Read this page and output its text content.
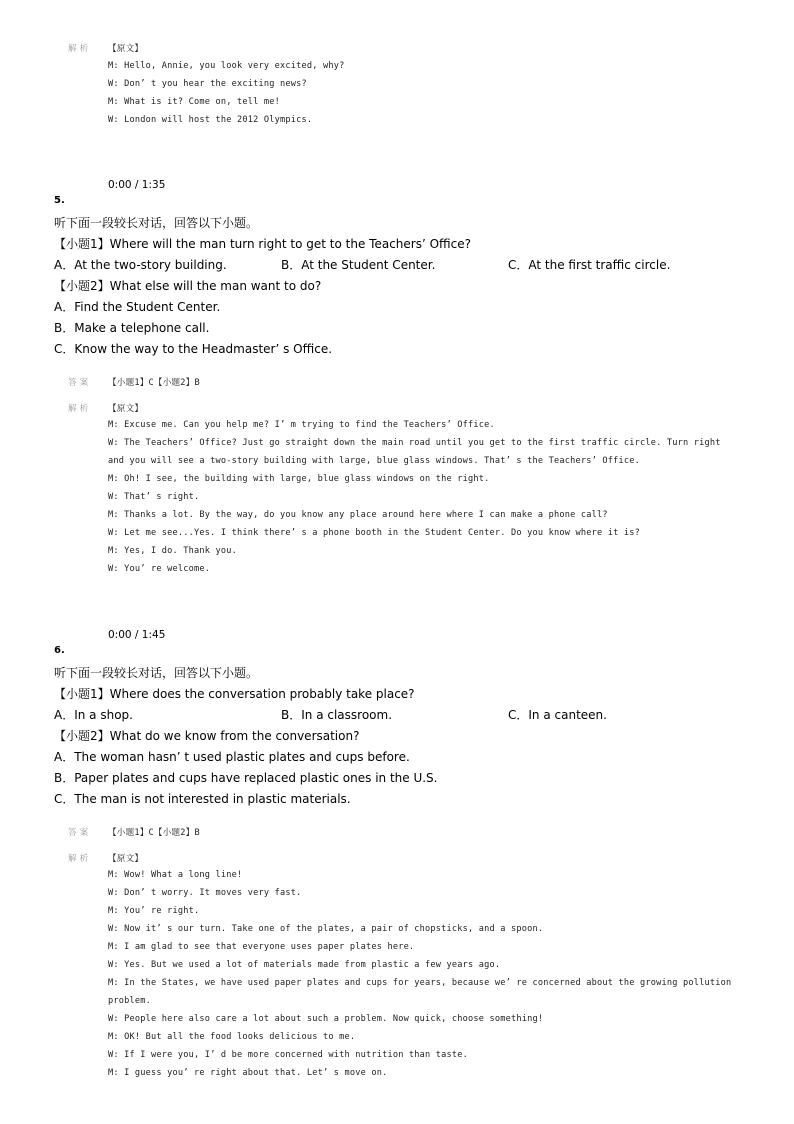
解析 【原文】
M: Hello, Annie, you look very excited, why?
W: Don’ t you hear the exciting news?
M: What is it? Come on, tell me!
W: London will host the 2012 Olympics.
0:00 / 1:35
5.
听下面一段较长对话，回答以下小题。
【小题1】Where will the man turn right to get to the Teachers’ Office?
A．At the two-story building.	B．At the Student Center.	C．At the first traffic circle.
【小题2】What else will the man want to do?
A．Find the Student Center.
B．Make a telephone call.
C．Know the way to the Headmaster’ s Office.
答案 【小题1】C【小题2】B
解析 【原文】
M: Excuse me. Can you help me? I’ m trying to find the Teachers’ Office.
W: The Teachers’ Office? Just go straight down the main road until you get to the first traffic circle. Turn right
and you will see a two-story building with large, blue glass windows. That’ s the Teachers’ Office.
M: Oh! I see, the building with large, blue glass windows on the right.
W: That’ s right.
M: Thanks a lot. By the way, do you know any place around here where I can make a phone call?
W: Let me see...Yes. I think there’ s a phone booth in the Student Center. Do you know where it is?
M: Yes, I do. Thank you.
W: You’ re welcome.
0:00 / 1:45
6.
听下面一段较长对话，回答以下小题。
【小题1】Where does the conversation probably take place?
A．In a shop.	B．In a classroom.	C．In a canteen.
【小题2】What do we know from the conversation?
A．The woman hasn’ t used plastic plates and cups before.
B．Paper plates and cups have replaced plastic ones in the U.S.
C．The man is not interested in plastic materials.
答案 【小题1】C【小题2】B
解析 【原文】
M: Wow! What a long line!
W: Don’ t worry. It moves very fast.
M: You’ re right.
W: Now it’ s our turn. Take one of the plates, a pair of chopsticks, and a spoon.
M: I am glad to see that everyone uses paper plates here.
W: Yes. But we used a lot of materials made from plastic a few years ago.
M: In the States, we have used paper plates and cups for years, because we’ re concerned about the growing pollution
problem.
W: People here also care a lot about such a problem. Now quick, choose something!
M: OK! But all the food looks delicious to me.
W: If I were you, I’ d be more concerned with nutrition than taste.
M: I guess you’ re right about that. Let’ s move on.
